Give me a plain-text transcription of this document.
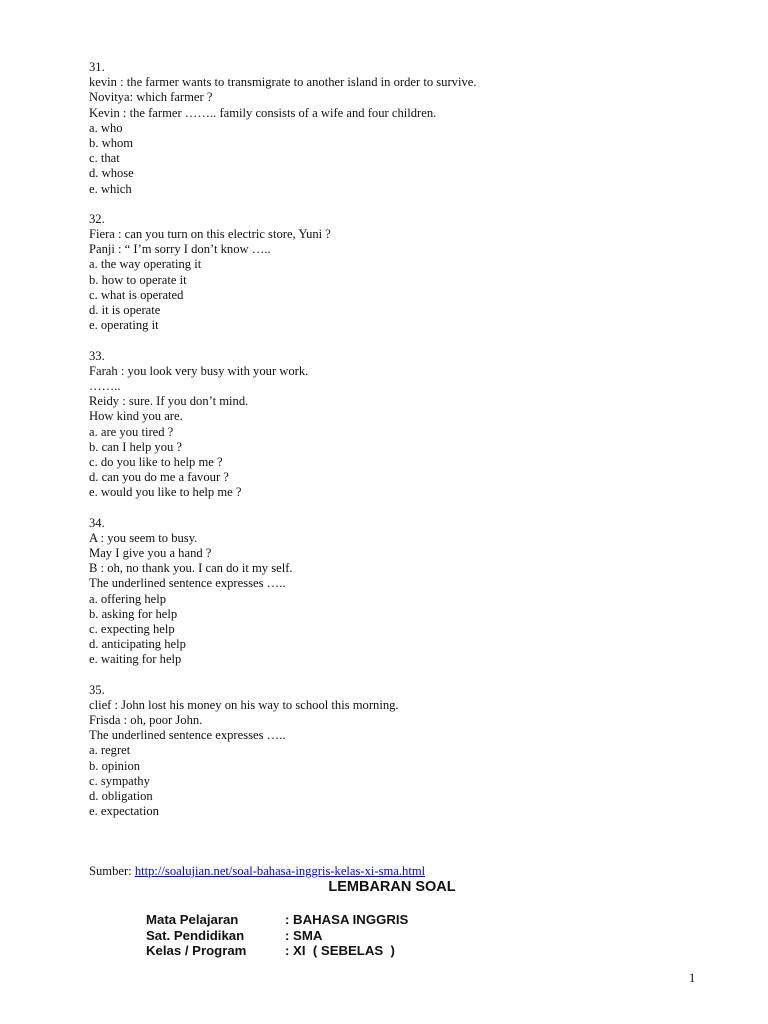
31.
kevin : the farmer wants to transmigrate to another island in order to survive.
Novitya: which farmer ?
Kevin : the farmer …….. family consists of a wife and four children.
a. who
b. whom
c. that
d. whose
e. which
32.
Fiera : can you turn on this electric store, Yuni ?
Panji : “ I’m sorry I don’t know …..
a. the way operating it
b. how to operate it
c. what is operated
d. it is operate
e. operating it
33.
Farah : you look very busy with your work.
……..
Reidy : sure. If you don’t mind.
How kind you are.
a. are you tired ?
b. can I help you ?
c. do you like to help me ?
d. can you do me a favour ?
e. would you like to help me ?
34.
A : you seem to busy.
May I give you a hand ?
B : oh, no thank you. I can do it my self.
The underlined sentence expresses …..
a. offering help
b. asking for help
c. expecting help
d. anticipating help
e. waiting for help
35.
clief : John lost his money on his way to school this morning.
Frisda : oh, poor John.
The underlined sentence expresses …..
a. regret
b. opinion
c. sympathy
d. obligation
e. expectation
Sumber: http://soalujian.net/soal-bahasa-inggris-kelas-xi-sma.html
LEMBARAN SOAL
Mata Pelajaran	: BAHASA INGGRIS
Sat. Pendidikan	: SMA
Kelas / Program	: XI  ( SEBELAS  )
1
